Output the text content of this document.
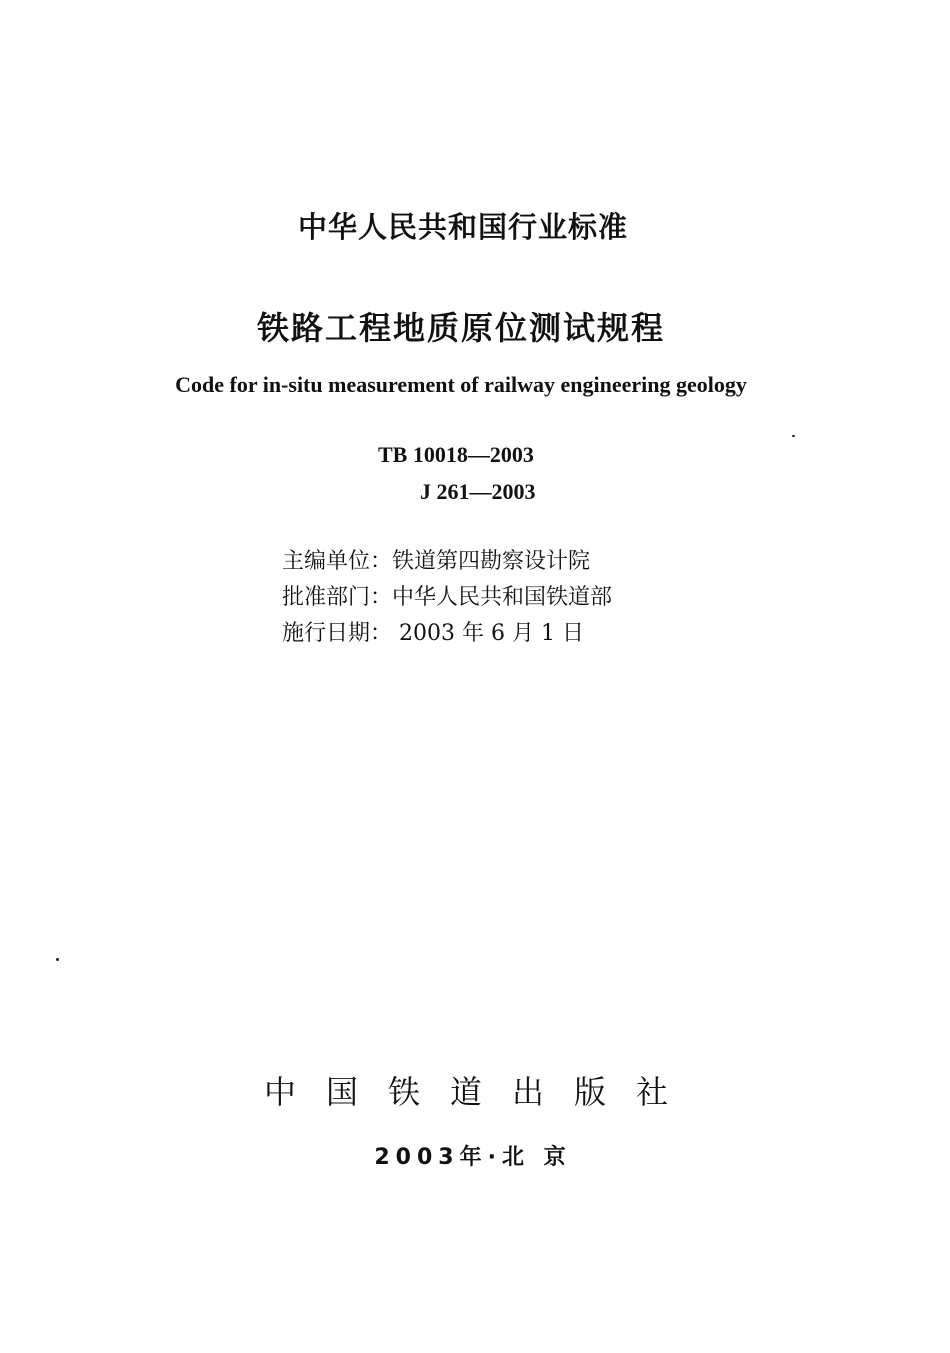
中华人民共和国行业标准
铁路工程地质原位测试规程
Code for in-situ measurement of railway engineering geology
TB 10018—2003
J 261—2003
主编单位：铁道第四勘察设计院
批准部门：中华人民共和国铁道部
施行日期： 2003 年 6 月 1 日
中国铁道出版社
2003年·北 京
